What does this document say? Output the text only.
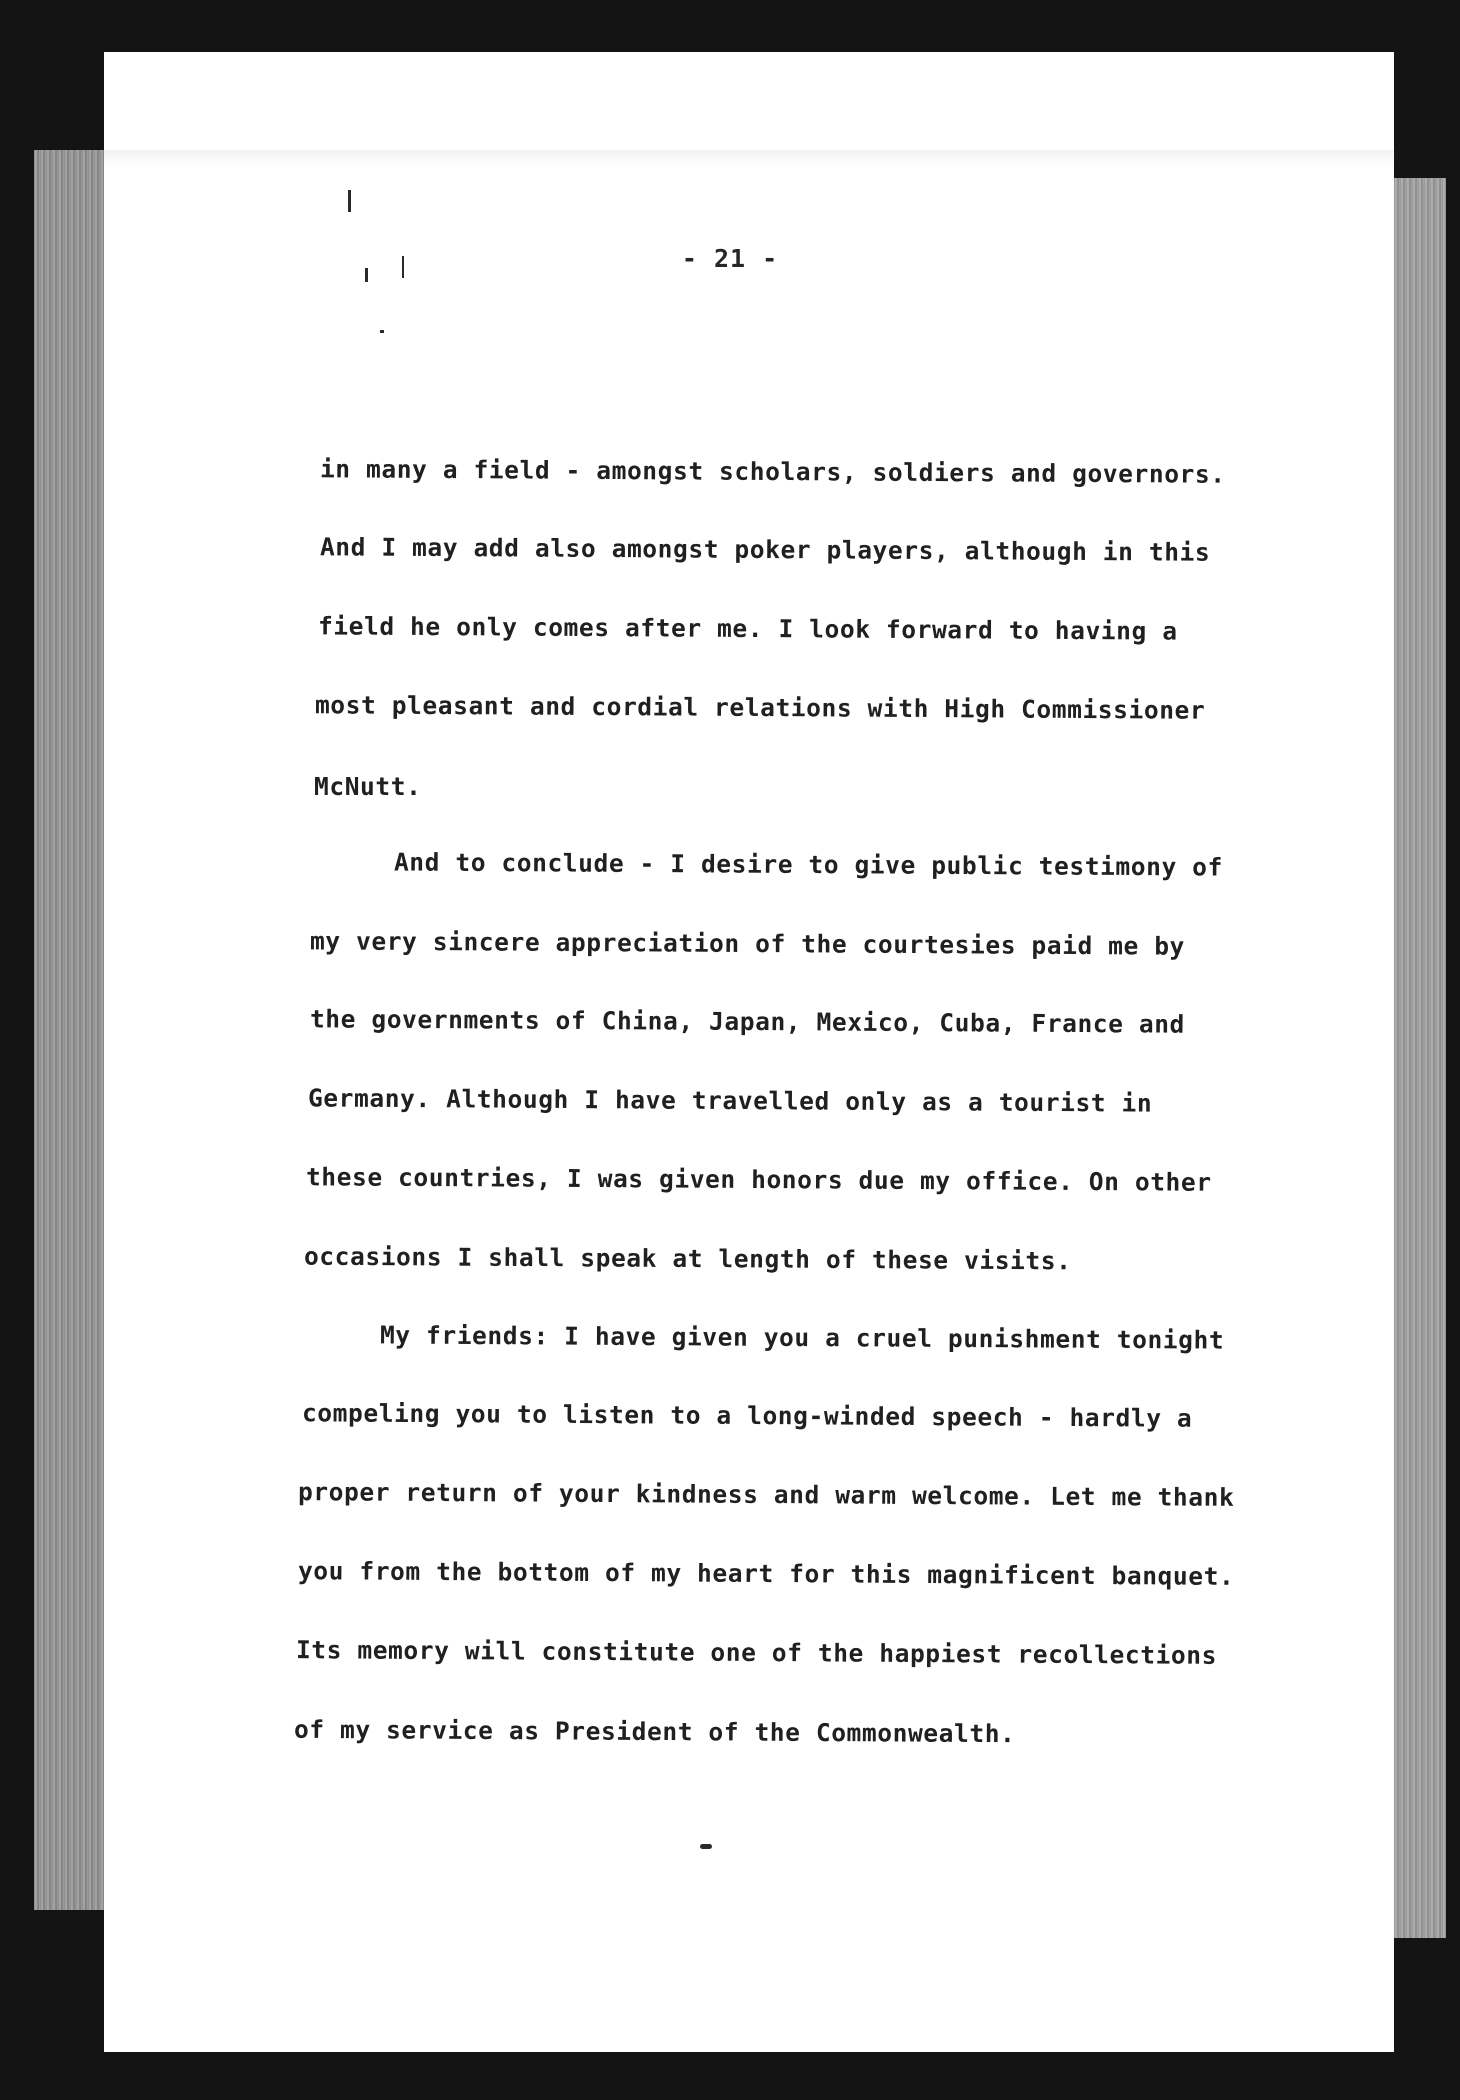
- 21 -

in many a field - amongst scholars, soldiers and governors.

And I may add also amongst poker players, although in this

field he only comes after me. I look forward to having a

most pleasant and cordial relations with High Commissioner

McNutt.

And to conclude - I desire to give public testimony of

my very sincere appreciation of the courtesies paid me by

the governments of China, Japan, Mexico, Cuba, France and

Germany. Although I have travelled only as a tourist in

these countries, I was given honors due my office. On other

occasions I shall speak at length of these visits.

My friends: I have given you a cruel punishment tonight

compeling you to listen to a long-winded speech - hardly a

proper return of your kindness and warm welcome. Let me thank

you from the bottom of my heart for this magnificent banquet.

Its memory will constitute one of the happiest recollections

of my service as President of the Commonwealth.
